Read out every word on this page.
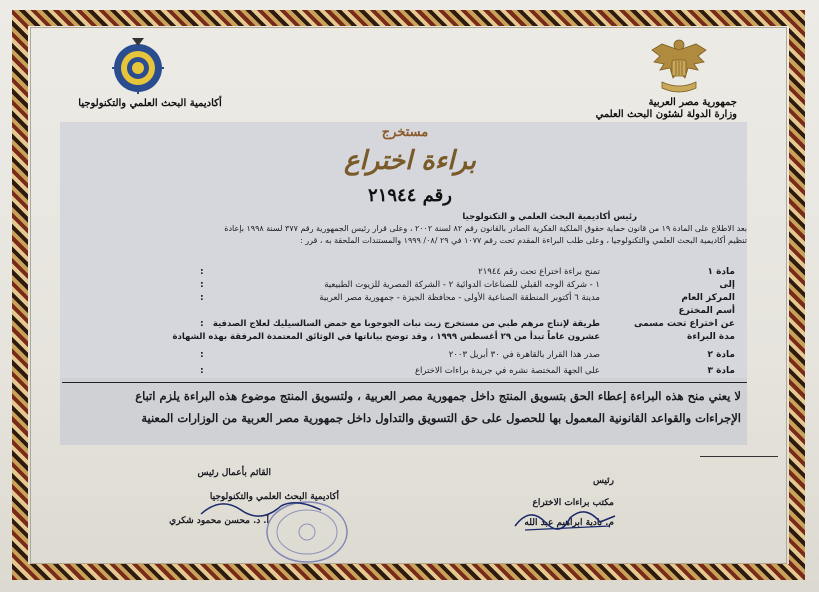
جمهورية مصر العربية
وزارة الدولة لشئون البحث العلمي
أكاديمية البحث العلمي والتكنولوجيا
مستخرج
براءة اختراع
رقم ٢١٩٤٤
رئيس أكاديمية البحث العلمي و التكنولوجيا
بعد الاطلاع على المادة ١٩ من قانون حماية حقوق الملكية الفكرية الصادر بالقانون رقم ٨٢ لسنة ٢٠٠٢ ، وعلى قرار رئيس الجمهورية رقم ٣٧٧ لسنة ١٩٩٨ بإعادة
تنظيم أكاديمية البحث العلمي والتكنولوجيا ، وعلى طلب البراءة المقدم تحت رقم ١٠٧٧ في ٢٩ /٠٨/ ١٩٩٩ والمستندات الملحقة به ، قرر :
مادة ١
إلى
المركز العام
أسم المخترع
عن اختراع تحت مسمى
مدة البراءة
مادة ٢
مادة ٣
:
:
:
:
:
:
تمنح براءة اختراع تحت رقم ٢١٩٤٤
١ - شركة الوجه القبلي للصناعات الدوائية ٢ - الشركة المصرية للزيوت الطبيعية
مدينة ٦ أكتوبر المنطقة الصناعية الأولى - محافظة الجيزة - جمهورية مصر العربية
طريقة لإنتاج مرهم طبي من مستخرج زيت نبات الجوجوبا مع حمض السالسيليك لعلاج الصدفية
عشرون عاماً تبدأ من ٢٩ أغسطس ١٩٩٩ ، وقد توضح بياناتها في الوثائق المعتمدة المرفقة بهذه الشهادة
صدر هذا القرار بالقاهرة في ٣٠ أبريل ٢٠٠٣
على الجهة المختصة نشره في جريدة براءات الاختراع
لا يعني منح هذه البراءة إعطاء الحق بتسويق المنتج داخل جمهورية مصر العربية ، ولتسويق المنتج موضوع هذه البراءة يلزم اتباع
الإجراءات والقواعد القانونية المعمول بها للحصول على حق التسويق والتداول داخل جمهورية مصر العربية من الوزارات المعنية
رئيس
مكتب براءات الاختراع
م. نادية ابراهيم عبد الله
القائم بأعمال رئيس
أكاديمية البحث العلمي والتكنولوجيا
أ. د. محسن محمود شكري
